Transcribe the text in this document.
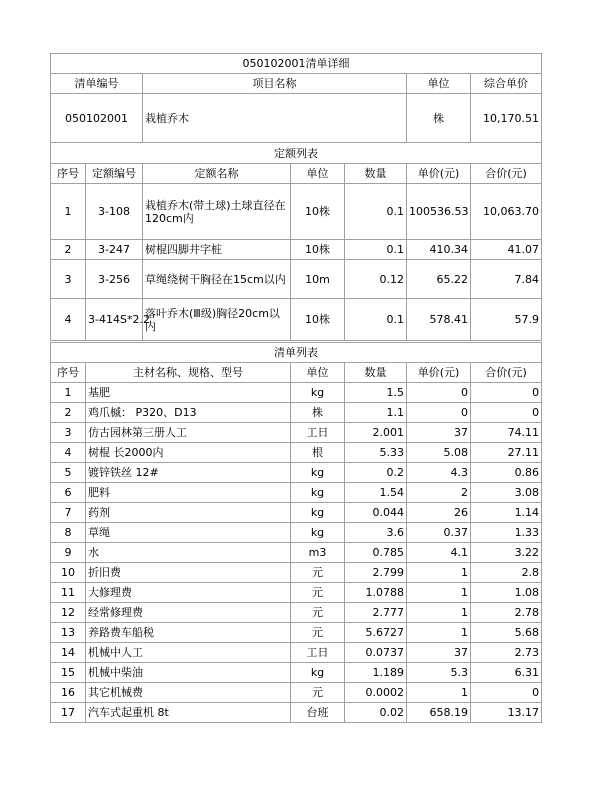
050102001清单详细						
清单编号		项目名称			单位	综合单价
050102001		栽植乔木			株	10,170.51
定额列表						
序号	定额编号	定额名称	单位	数量	单价(元)	合价(元)
1	3-108	栽植乔木(带土球)土球直径在120cm内	10株	0.1	100536.53	10,063.70
2	3-247	树棍四脚井字桩	10株	0.1	410.34	41.07
3	3-256	草绳绕树干胸径在15cm以内	10m	0.12	65.22	7.84
4	3-414S*2.2	落叶乔木(Ⅲ级)胸径20cm以内	10株	0.1	578.41	57.9
清单列表					
序号	主材名称、规格、型号	单位	数量	单价(元)	合价(元)
1	基肥	kg	1.5	0	0
2	鸡爪槭： P320、D13	株	1.1	0	0
3	仿古园林第三册人工	工日	2.001	37	74.11
4	树棍 长2000内	根	5.33	5.08	27.11
5	镀锌铁丝 12#	kg	0.2	4.3	0.86
6	肥料	kg	1.54	2	3.08
7	药剂	kg	0.044	26	1.14
8	草绳	kg	3.6	0.37	1.33
9	水	m3	0.785	4.1	3.22
10	折旧费	元	2.799	1	2.8
11	大修理费	元	1.0788	1	1.08
12	经常修理费	元	2.777	1	2.78
13	养路费车船税	元	5.6727	1	5.68
14	机械中人工	工日	0.0737	37	2.73
15	机械中柴油	kg	1.189	5.3	6.31
16	其它机械费	元	0.0002	1	0
17	汽车式起重机 8t	台班	0.02	658.19	13.17
